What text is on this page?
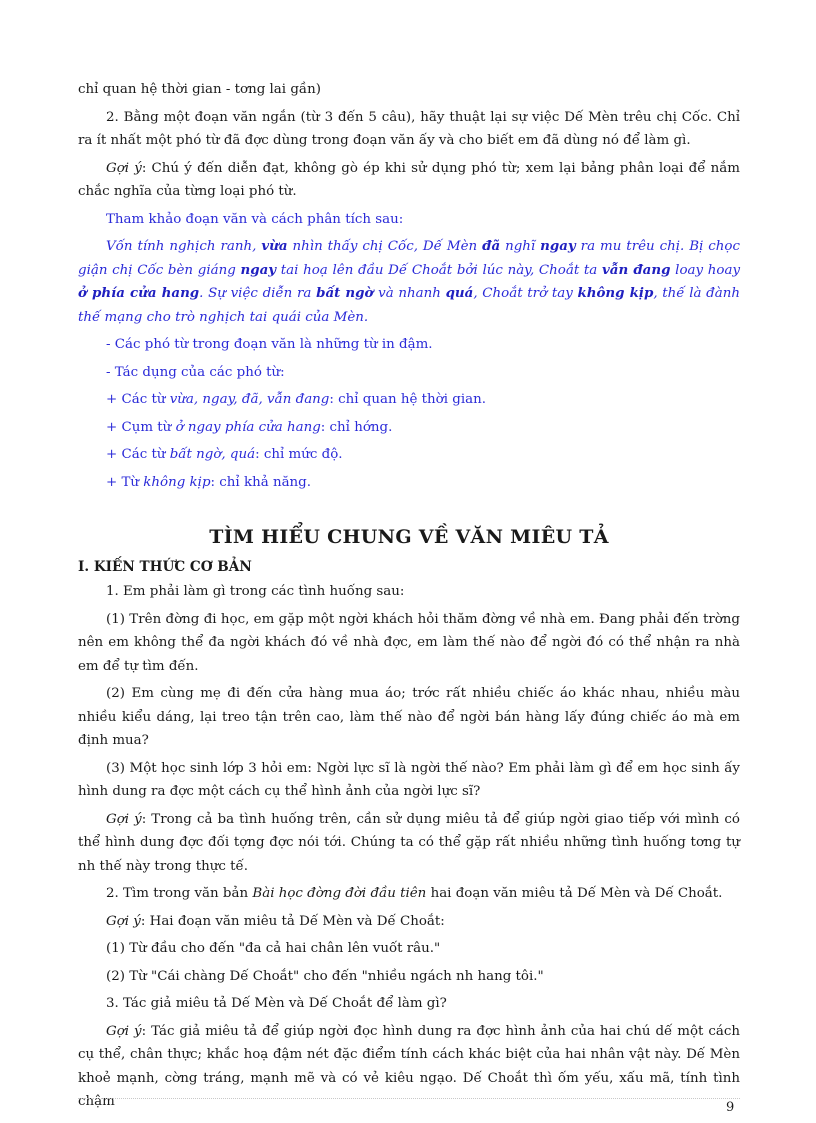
chỉ quan hệ thời gian - tơng lai gần)

2. Bằng một đoạn văn ngắn (từ 3 đến 5 câu), hãy thuật lại sự việc Dế Mèn trêu chị Cốc. Chỉ ra ít nhất một phó từ đã đợc dùng trong đoạn văn ấy và cho biết em đã dùng nó để làm gì.

Gợi ý: Chú ý đến diễn đạt, không gò ép khi sử dụng phó từ; xem lại bảng phân loại để nắm chắc nghĩa của từng loại phó từ.

Tham khảo đoạn văn và cách phân tích sau:

Vốn tính nghịch ranh, vừa nhìn thấy chị Cốc, Dế Mèn đã nghĩ ngay ra mu trêu chị. Bị chọc giận chị Cốc bèn giáng ngay tai hoạ lên đầu Dế Choắt bởi lúc này, Choắt ta vẫn đang loay hoay ở phía cửa hang. Sự việc diễn ra bất ngờ và nhanh quá, Choắt trở tay không kịp, thế là đành thế mạng cho trò nghịch tai quái của Mèn.

- Các phó từ trong đoạn văn là những từ in đậm.

- Tác dụng của các phó từ:

+ Các từ vừa, ngay, đã, vẫn đang: chỉ quan hệ thời gian.

+ Cụm từ ở ngay phía cửa hang: chỉ hớng.

+ Các từ bất ngờ, quá: chỉ mức độ.

+ Từ không kịp: chỉ khả năng.

TÌM HIỂU CHUNG VỀ VĂN MIÊU TẢ
I. KIẾN THỨC CƠ BẢN

1. Em phải làm gì trong các tình huống sau:

(1) Trên đờng đi học, em gặp một ngời khách hỏi thăm đờng về nhà em. Đang phải đến trờng nên em không thể đa ngời khách đó về nhà đợc, em làm thế nào để ngời đó có thể nhận ra nhà em để tự tìm đến.

(2) Em cùng mẹ đi đến cửa hàng mua áo; trớc rất nhiều chiếc áo khác nhau, nhiều màu nhiều kiểu dáng, lại treo tận trên cao, làm thế nào để ngời bán hàng lấy đúng chiếc áo mà em định mua?

(3) Một học sinh lớp 3 hỏi em: Ngời lực sĩ là ngời thế nào? Em phải làm gì để em học sinh ấy hình dung ra đợc một cách cụ thể hình ảnh của ngời lực sĩ?

Gợi ý: Trong cả ba tình huống trên, cần sử dụng miêu tả để giúp ngời giao tiếp với mình có thể hình dung đợc đối tợng đợc nói tới. Chúng ta có thể gặp rất nhiều những tình huống tơng tự nh thế này trong thực tế.

2. Tìm trong văn bản Bài học đờng đời đầu tiên hai đoạn văn miêu tả Dế Mèn và Dế Choắt.

Gợi ý: Hai đoạn văn miêu tả Dế Mèn và Dế Choắt:

(1) Từ đầu cho đến "đa cả hai chân lên vuốt râu."

(2) Từ "Cái chàng Dế Choắt" cho đến "nhiều ngách nh hang tôi."

3. Tác giả miêu tả Dế Mèn và Dế Choắt để làm gì?

Gợi ý: Tác giả miêu tả để giúp ngời đọc hình dung ra đợc hình ảnh của hai chú dế một cách cụ thể, chân thực; khắc hoạ đậm nét đặc điểm tính cách khác biệt của hai nhân vật này. Dế Mèn khoẻ mạnh, cờng tráng, mạnh mẽ và có vẻ kiêu ngạo. Dế Choắt thì ốm yếu, xấu mã, tính tình chậm	9
